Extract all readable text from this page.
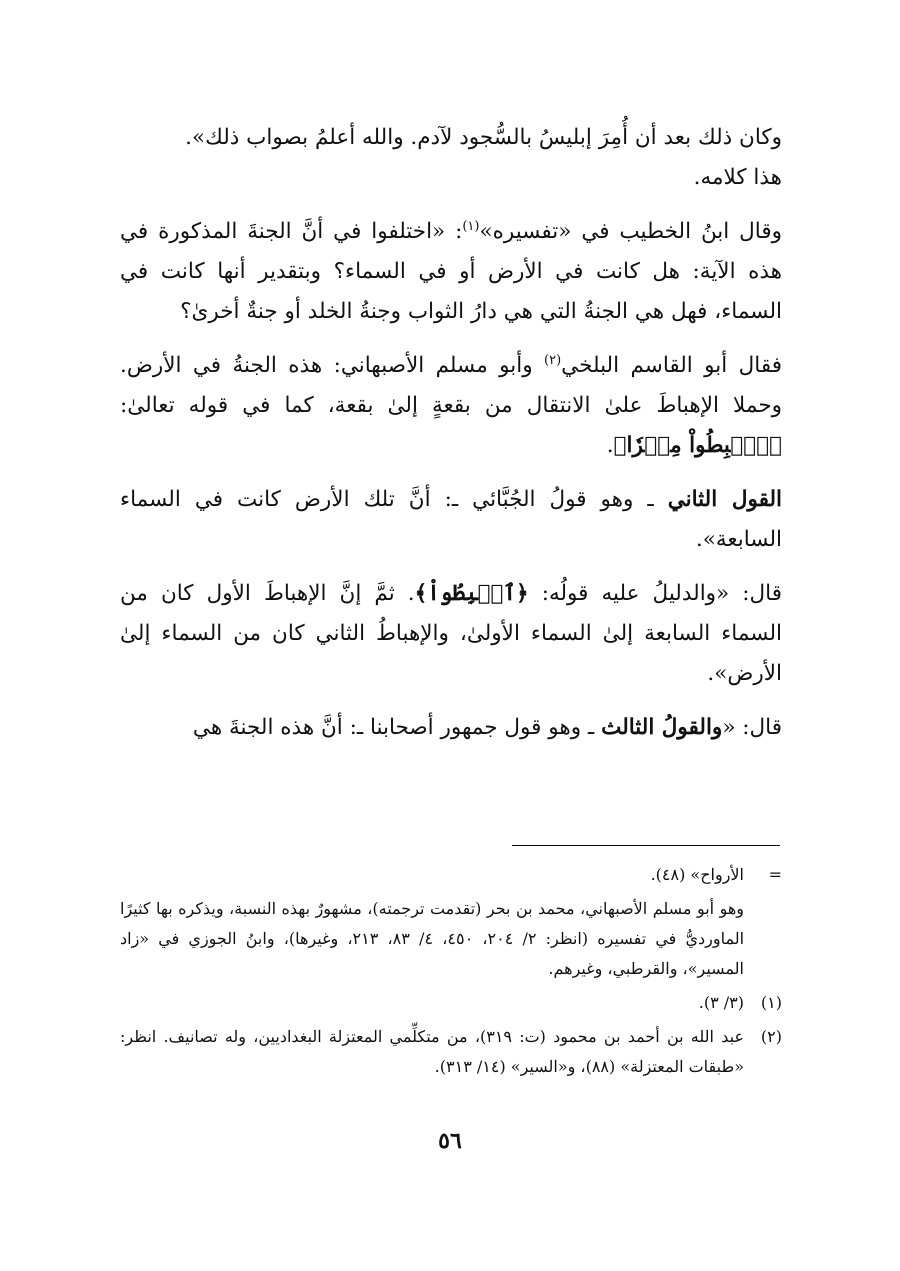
وكان ذلك بعد أن أُمِرَ إبليسُ بالسُّجود لآدم. والله أعلمُ بصواب ذلك».

هذا كلامه.

وقال ابنُ الخطيب في «تفسيره»$^{(١)}$: «اختلفوا في أنَّ الجنةَ المذكورة في هذه الآية: هل كانت في الأرض أو في السماء؟ وبتقدير أنها كانت في السماء، فهل هي الجنةُ التي هي دارُ الثواب وجنةُ الخلد أو جنةٌ أخرىٰ؟

فقال أبو القاسم البلخي$^{(٢)}$ وأبو مسلم الأصبهاني: هذه الجنةُ في الأرض. وحملا الإهباطَ علىٰ الانتقال من بقعةٍ إلىٰ بقعة، كما في قوله تعالىٰ: ﴿ٱهۡبِطُواْ مِصۡرٗا﴾.

القول الثاني ـ وهو قولُ الجُبَّائي ـ: أنَّ تلك الأرض كانت في السماء السابعة».

قال: «والدليلُ عليه قولُه: ﴿ٱهۡبِطُواْ﴾. ثمَّ إنَّ الإهباطَ الأول كان من السماء السابعة إلىٰ السماء الأولىٰ، والإهباطُ الثاني كان من السماء إلىٰ الأرض».

قال: «والقولُ الثالث ـ وهو قول جمهور أصحابنا ـ: أنَّ هذه الجنةَ هي

=
الأرواح» (٤٨).
وهو أبو مسلم الأصبهاني، محمد بن بحر (تقدمت ترجمته)، مشهورٌ بهذه النسبة، ويذكره بها كثيرًا الماورديُّ في تفسيره (انظر: ٢/ ٢٠٤، ٤٥٠، ٤/ ٨٣، ٢١٣، وغيرها)، وابنُ الجوزي في «زاد المسير»، والقرطبي، وغيرهم.
(١)
(٣/ ٣).
(٢)
عبد الله بن أحمد بن محمود (ت: ٣١٩)، من متكلِّمي المعتزلة البغداديين، وله تصانيف. انظر: «طبقات المعتزلة» (٨٨)، و«السير» (١٤/ ٣١٣).
٥٦
